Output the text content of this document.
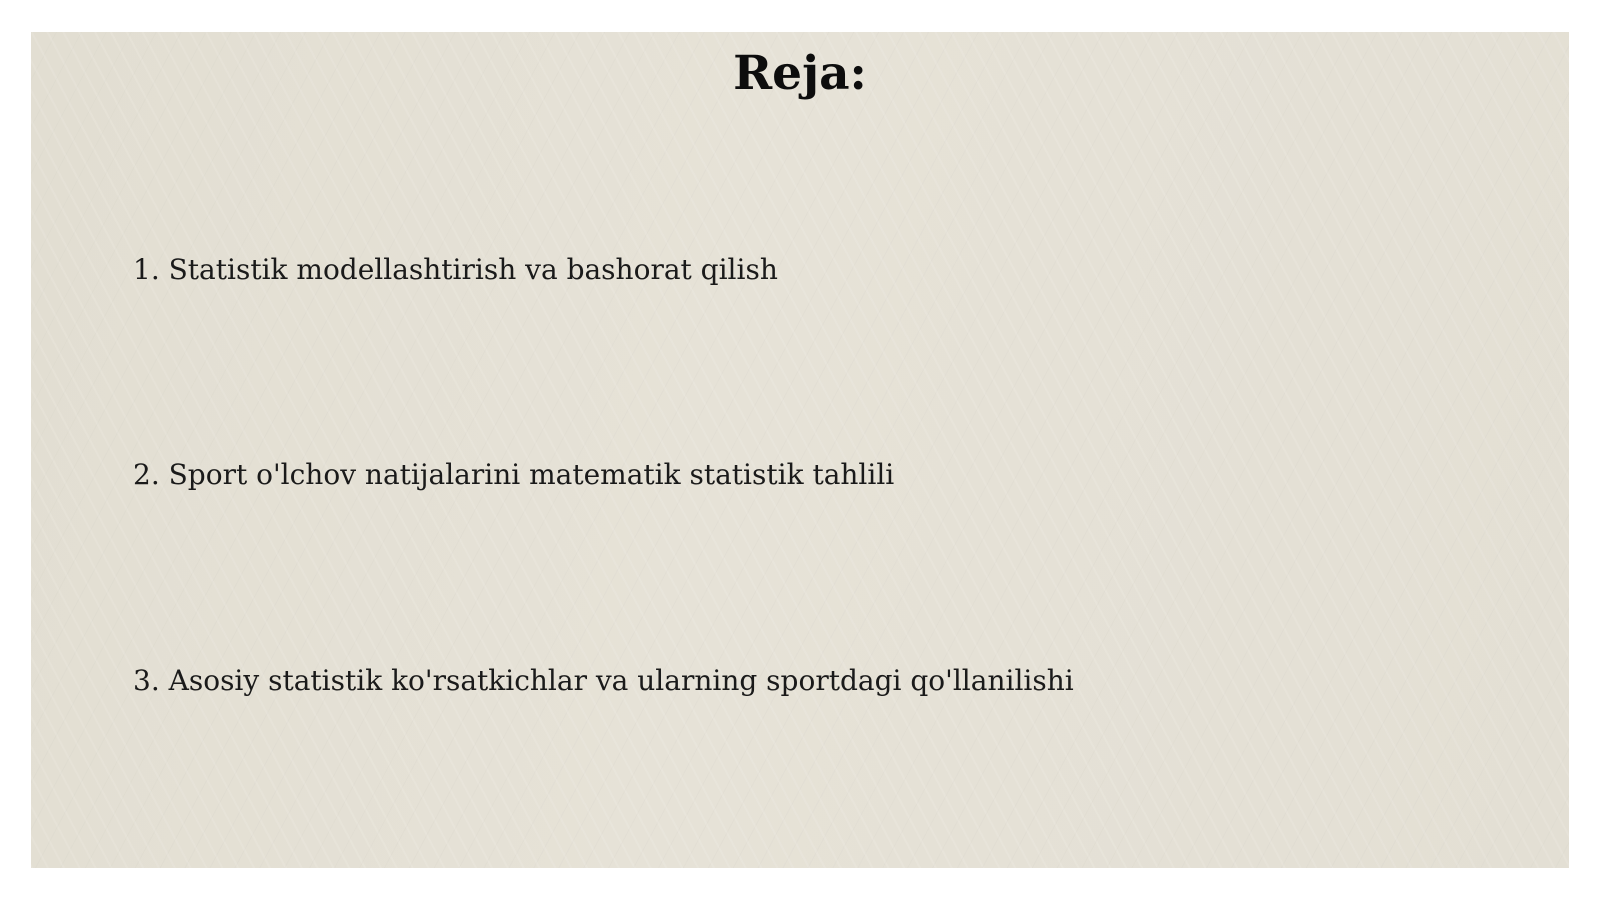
Reja:
1. Statistik modellashtirish va bashorat qilish
2. Sport o'lchov natijalarini matematik statistik tahlili
3. Asosiy statistik ko'rsatkichlar va ularning sportdagi qo'llanilishi
